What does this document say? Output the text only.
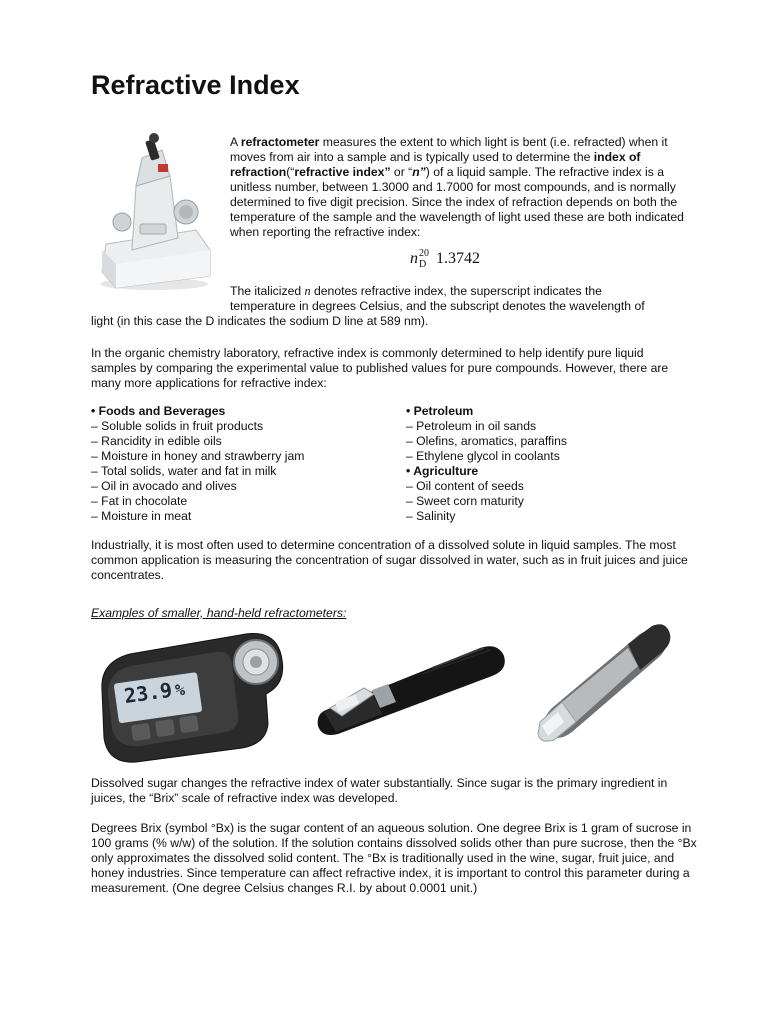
Refractive Index

A refractometer measures the extent to which light is bent (i.e. refracted) when it moves from air into a sample and is typically used to determine the index of refraction(“refractive index” or “n”) of a liquid sample. The refractive index is a unitless number, between 1.3000 and 1.7000 for most compounds, and is normally determined to five digit precision. Since the index of refraction depends on both the temperature of the sample and the wavelength of light used these are both indicated when reporting the refractive index:

n 20
D 1.3742

The italicized n denotes refractive index, the superscript indicates the
temperature in degrees Celsius, and the subscript denotes the wavelength of
light (in this case the D indicates the sodium D line at 589 nm).

In the organic chemistry laboratory, refractive index is commonly determined to help identify pure liquid samples by comparing the experimental value to published values for pure compounds. However, there are many more applications for refractive index:

• Foods and Beverages
– Soluble solids in fruit products
– Rancidity in edible oils
– Moisture in honey and strawberry jam
– Total solids, water and fat in milk
– Oil in avocado and olives
– Fat in chocolate
– Moisture in meat
• Petroleum
– Petroleum in oil sands
– Olefins, aromatics, paraffins
– Ethylene glycol in coolants
• Agriculture
– Oil content of seeds
– Sweet corn maturity
– Salinity

Industrially, it is most often used to determine concentration of a dissolved solute in liquid samples. The most common application is measuring the concentration of sugar dissolved in water, such as in fruit juices and juice concentrates.

Examples of smaller, hand-held refractometers:

23.9%

Dissolved sugar changes the refractive index of water substantially. Since sugar is the primary ingredient in juices, the “Brix” scale of refractive index was developed.

Degrees Brix (symbol °Bx) is the sugar content of an aqueous solution. One degree Brix is 1 gram of sucrose in 100 grams (% w/w) of the solution. If the solution contains dissolved solids other than pure sucrose, then the °Bx only approximates the dissolved solid content. The °Bx is traditionally used in the wine, sugar, fruit juice, and honey industries. Since temperature can affect refractive index, it is important to control this parameter during a measurement. (One degree Celsius changes R.I. by about 0.0001 unit.)
